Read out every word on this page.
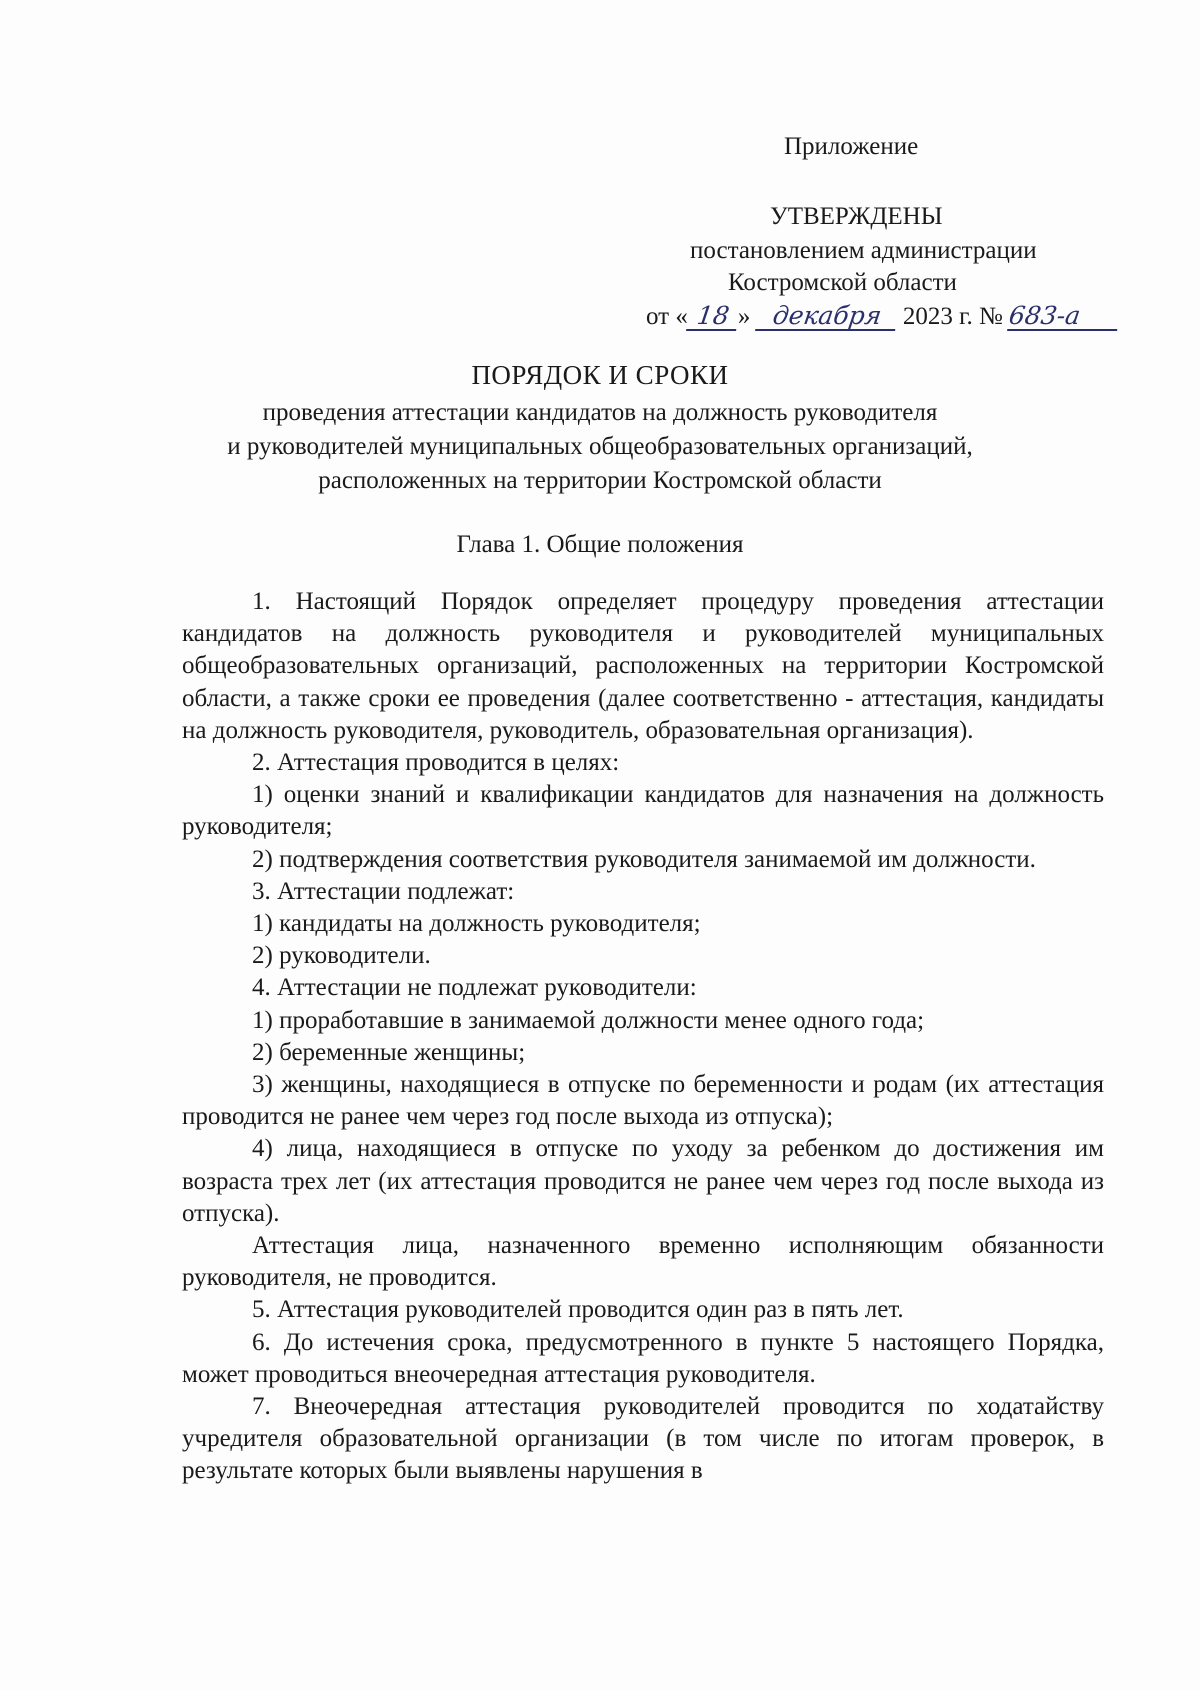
Приложение
УТВЕРЖДЕНЫ
постановлением администрации
Костромской области
от « 18 » декабря 2023 г. № 683-а
ПОРЯДОК И СРОКИ
проведения аттестации кандидатов на должность руководителя
и руководителей муниципальных общеобразовательных организаций,
расположенных на территории Костромской области
Глава 1. Общие положения

1. Настоящий Порядок определяет процедуру проведения аттестации кандидатов на должность руководителя и руководителей муниципальных общеобразовательных организаций, расположенных на территории Костромской области, а также сроки ее проведения (далее соответственно - аттестация, кандидаты на должность руководителя, руководитель, образовательная организация).

2. Аттестация проводится в целях:

1) оценки знаний и квалификации кандидатов для назначения на должность руководителя;

2) подтверждения соответствия руководителя занимаемой им должности.

3. Аттестации подлежат:

1) кандидаты на должность руководителя;

2) руководители.

4. Аттестации не подлежат руководители:

1) проработавшие в занимаемой должности менее одного года;

2) беременные женщины;

3) женщины, находящиеся в отпуске по беременности и родам (их аттестация проводится не ранее чем через год после выхода из отпуска);

4) лица, находящиеся в отпуске по уходу за ребенком до достижения им возраста трех лет (их аттестация проводится не ранее чем через год после выхода из отпуска).

Аттестация лица, назначенного временно исполняющим обязанности руководителя, не проводится.

5. Аттестация руководителей проводится один раз в пять лет.

6. До истечения срока, предусмотренного в пункте 5 настоящего Порядка, может проводиться внеочередная аттестация руководителя.

7. Внеочередная аттестация руководителей проводится по ходатайству учредителя образовательной организации (в том числе по итогам проверок, в результате которых были выявлены нарушения в
